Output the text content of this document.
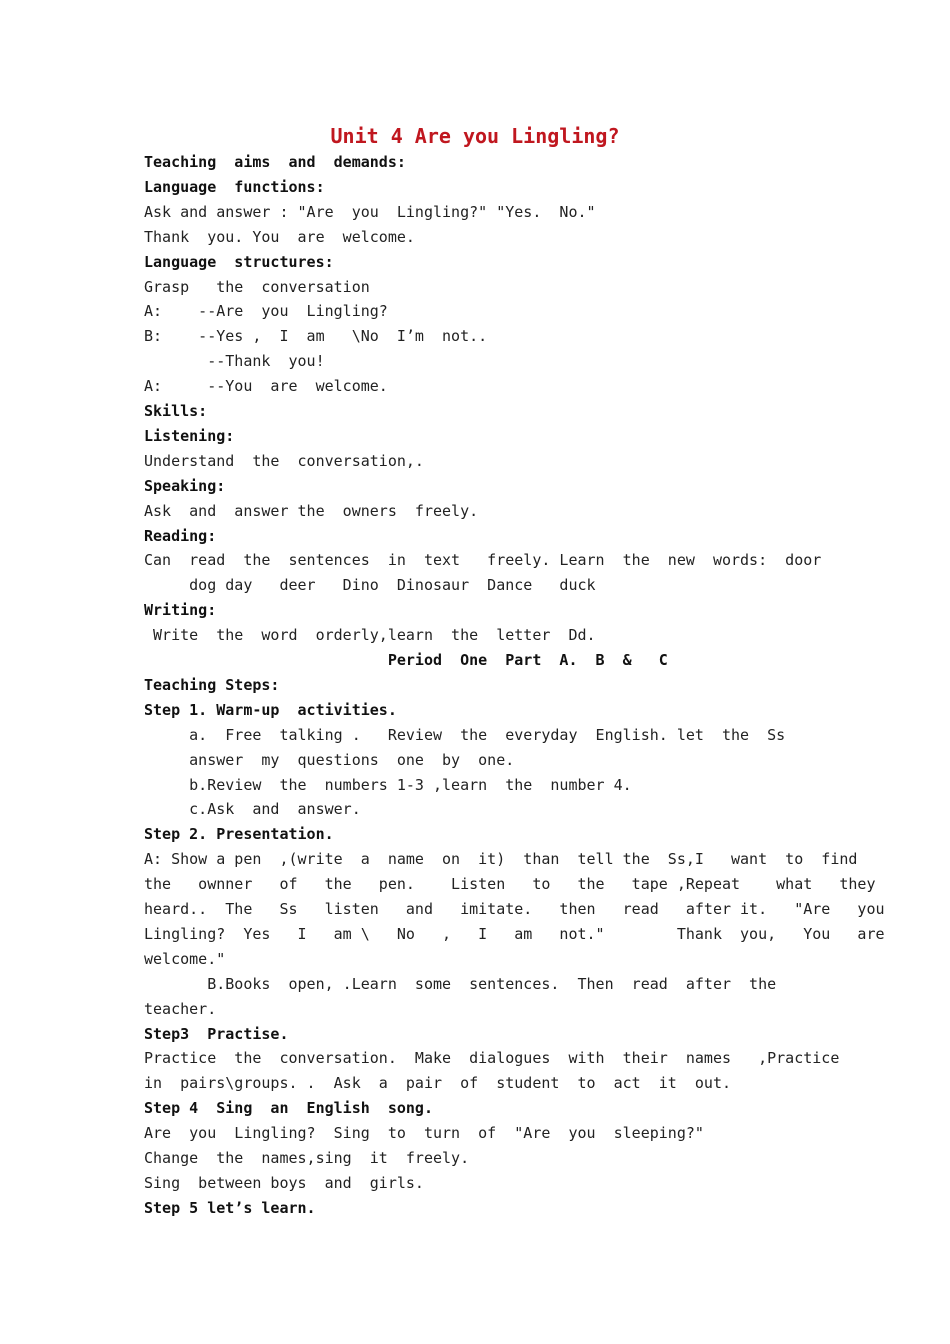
Unit 4 Are you Lingling?
Teaching  aims  and  demands:
Language  functions:
Ask and answer : "Are  you  Lingling?" "Yes.  No."
Thank  you. You  are  welcome.
Language  structures:
Grasp   the  conversation
A:    --Are  you  Lingling?
B:    --Yes ,  I  am   \No  I’m  not..
--Thank  you!
A:     --You  are  welcome.
Skills:
Listening:
Understand  the  conversation,.
Speaking:
Ask  and  answer the  owners  freely.
Reading:
Can  read  the  sentences  in  text   freely. Learn  the  new  words:  door
dog day   deer   Dino  Dinosaur  Dance   duck
Writing:
Write  the  word  orderly,learn  the  letter  Dd.
Period  One  Part  A.  B  &   C
Teaching Steps:
Step 1. Warm-up  activities.
a.  Free  talking .   Review  the  everyday  English. let  the  Ss
answer  my  questions  one  by  one.
b.Review  the  numbers 1-3 ,learn  the  number 4.
c.Ask  and  answer.
Step 2. Presentation.
A: Show a pen  ,(write  a  name  on  it)  than  tell the  Ss,I   want  to  find
the   ownner   of   the   pen.    Listen   to   the   tape ,Repeat    what   they
heard..  The   Ss   listen   and   imitate.   then   read   after it.   "Are   you
Lingling?  Yes   I   am \   No   ,   I   am   not."        Thank  you,   You   are
welcome."
B.Books  open, .Learn  some  sentences.  Then  read  after  the
teacher.
Step3  Practise.
Practice  the  conversation.  Make  dialogues  with  their  names   ,Practice
in  pairs\groups. .  Ask  a  pair  of  student  to  act  it  out.
Step 4  Sing  an  English  song.
Are  you  Lingling?  Sing  to  turn  of  "Are  you  sleeping?"
Change  the  names,sing  it  freely.
Sing  between boys  and  girls.
Step 5 let’s learn.
